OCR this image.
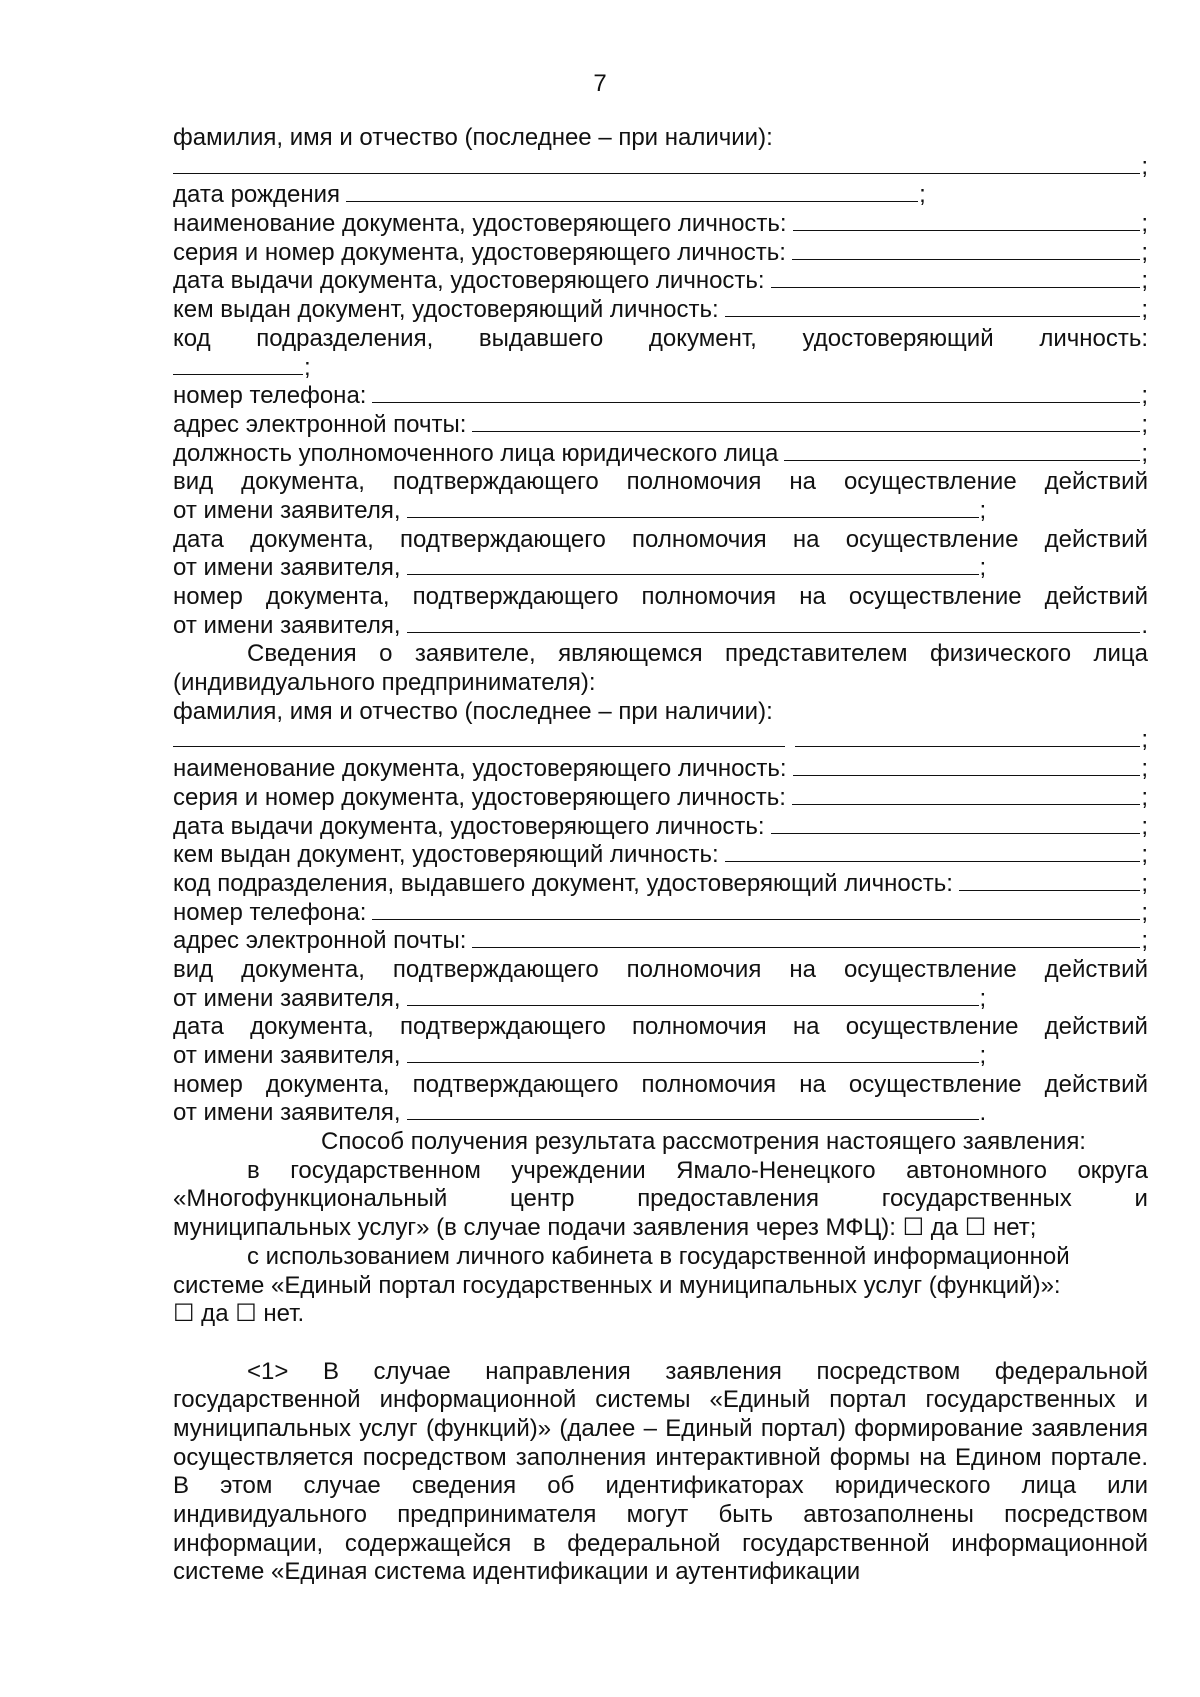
7
фамилия, имя и отчество (последнее – при наличии):
;
дата рождения	;
наименование документа, удостоверяющего личность:	;
серия и номер документа, удостоверяющего личность:	;
дата выдачи документа, удостоверяющего личность:	;
кем выдан документ, удостоверяющий личность:	;
код подразделения, выдавшего документ, удостоверяющий личность:
;
номер телефона:	;
адрес электронной почты:	;
должность уполномоченного лица юридического лица	;
вид документа, подтверждающего полномочия на осуществление действий
от имени заявителя,	;
дата документа, подтверждающего полномочия на осуществление действий
от имени заявителя,	;
номер документа, подтверждающего полномочия на осуществление действий
от имени заявителя,	.
Сведения о заявителе, являющемся представителем физического лица
(индивидуального предпринимателя):
фамилия, имя и отчество (последнее – при наличии):
;
наименование документа, удостоверяющего личность:	;
серия и номер документа, удостоверяющего личность:	;
дата выдачи документа, удостоверяющего личность:	;
кем выдан документ, удостоверяющий личность:	;
код подразделения, выдавшего документ, удостоверяющий личность:	;
номер телефона:	;
адрес электронной почты:	;
вид документа, подтверждающего полномочия на осуществление действий
от имени заявителя,	;
дата документа, подтверждающего полномочия на осуществление действий
от имени заявителя,	;
номер документа, подтверждающего полномочия на осуществление действий
от имени заявителя,	.
Способ получения результата рассмотрения настоящего заявления:
в государственном учреждении Ямало-Ненецкого автономного округа
«Многофункциональный	центр	предоставления	государственных	и
муниципальных услуг» (в случае подачи заявления через МФЦ): ☐ да ☐ нет;
с использованием личного кабинета в государственной информационной
системе «Единый портал государственных и муниципальных услуг (функций)»:
☐ да ☐ нет.
<1> В случае направления заявления посредством федеральной государственной информационной системы «Единый портал государственных и муниципальных услуг (функций)» (далее – Единый портал) формирование заявления осуществляется посредством заполнения интерактивной формы на Едином портале. В этом случае сведения об идентификаторах юридического лица или индивидуального предпринимателя могут быть автозаполнены посредством информации, содержащейся в федеральной государственной информационной системе «Единая система идентификации и аутентификации
